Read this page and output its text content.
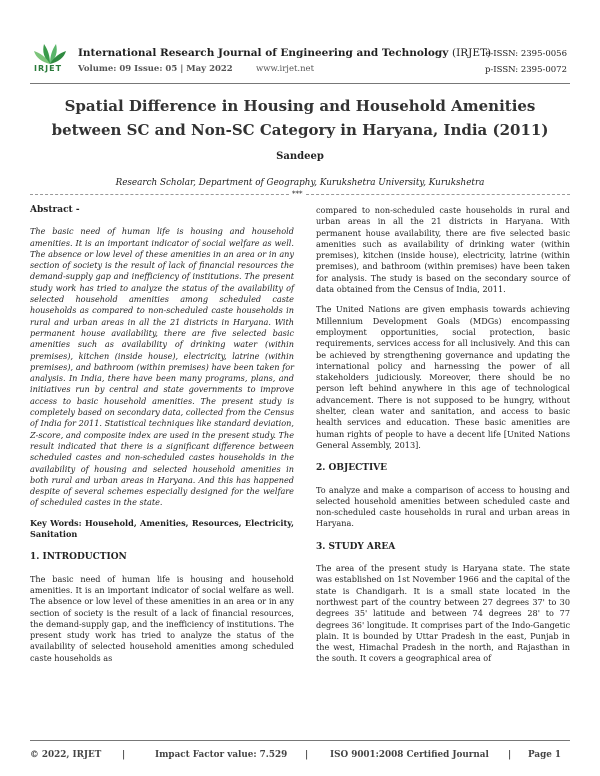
IRJET
International Research Journal of Engineering and Technology (IRJET)
Volume: 09 Issue: 05 | May 2022	www.irjet.net
e-ISSN: 2395-0056
p-ISSN: 2395-0072
Spatial Difference in Housing and Household Amenities between SC and Non-SC Category in Haryana, India (2011)
Sandeep
Research Scholar, Department of Geography, Kurukshetra University, Kurukshetra
***
Abstract -

The basic need of human life is housing and household amenities. It is an important indicator of social welfare as well. The absence or low level of these amenities in an area or in any section of society is the result of lack of financial resources the demand-supply gap and inefficiency of institutions. The present study work has tried to analyze the status of the availability of selected household amenities among scheduled caste households as compared to non-scheduled caste households in rural and urban areas in all the 21 districts in Haryana. With permanent house availability, there are five selected basic amenities such as availability of drinking water (within premises), kitchen (inside house), electricity, latrine (within premises), and bathroom (within premises) have been taken for analysis. In India, there have been many programs, plans, and initiatives run by central and state governments to improve access to basic household amenities. The present study is completely based on secondary data, collected from the Census of India for 2011. Statistical techniques like standard deviation, Z-score, and composite index are used in the present study. The result indicated that there is a significant difference between scheduled castes and non-scheduled castes households in the availability of housing and selected household amenities in both rural and urban areas in Haryana. And this has happened despite of several schemes especially designed for the welfare of scheduled castes in the state.

Key Words: Household, Amenities, Resources, Electricity, Sanitation

1. INTRODUCTION

The basic need of human life is housing and household amenities. It is an important indicator of social welfare as well. The absence or low level of these amenities in an area or in any section of society is the result of a lack of financial resources, the demand-supply gap, and the inefficiency of institutions. The present study work has tried to analyze the status of the availability of selected household amenities among scheduled caste households as

compared to non-scheduled caste households in rural and urban areas in all the 21 districts in Haryana. With permanent house availability, there are five selected basic amenities such as availability of drinking water (within premises), kitchen (inside house), electricity, latrine (within premises), and bathroom (within premises) have been taken for analysis. The study is based on the secondary source of data obtained from the Census of India, 2011.

The United Nations are given emphasis towards achieving Millennium Development Goals (MDGs) encompassing employment opportunities, social protection, basic requirements, services access for all inclusively. And this can be achieved by strengthening governance and updating the international policy and harnessing the power of all stakeholders judiciously. Moreover, there should be no person left behind anywhere in this age of technological advancement. There is not supposed to be hungry, without shelter, clean water and sanitation, and access to basic health services and education. These basic amenities are human rights of people to have a decent life [United Nations General Assembly, 2013].

2. OBJECTIVE

To analyze and make a comparison of access to housing and selected household amenities between scheduled caste and non-scheduled caste households in rural and urban areas in Haryana.

3. STUDY AREA

The area of the present study is Haryana state. The state was established on 1st November 1966 and the capital of the state is Chandigarh. It is a small state located in the northwest part of the country between 27 degrees 37' to 30 degrees 35' latitude and between 74 degrees 28' to 77 degrees 36' longitude. It comprises part of the Indo-Gangetic plain. It is bounded by Uttar Pradesh in the east, Punjab in the west, Himachal Pradesh in the north, and Rajasthan in the south. It covers a geographical area of

© 2022, IRJET |	Impact Factor value: 7.529 | ISO 9001:2008 Certified Journal | Page 1
